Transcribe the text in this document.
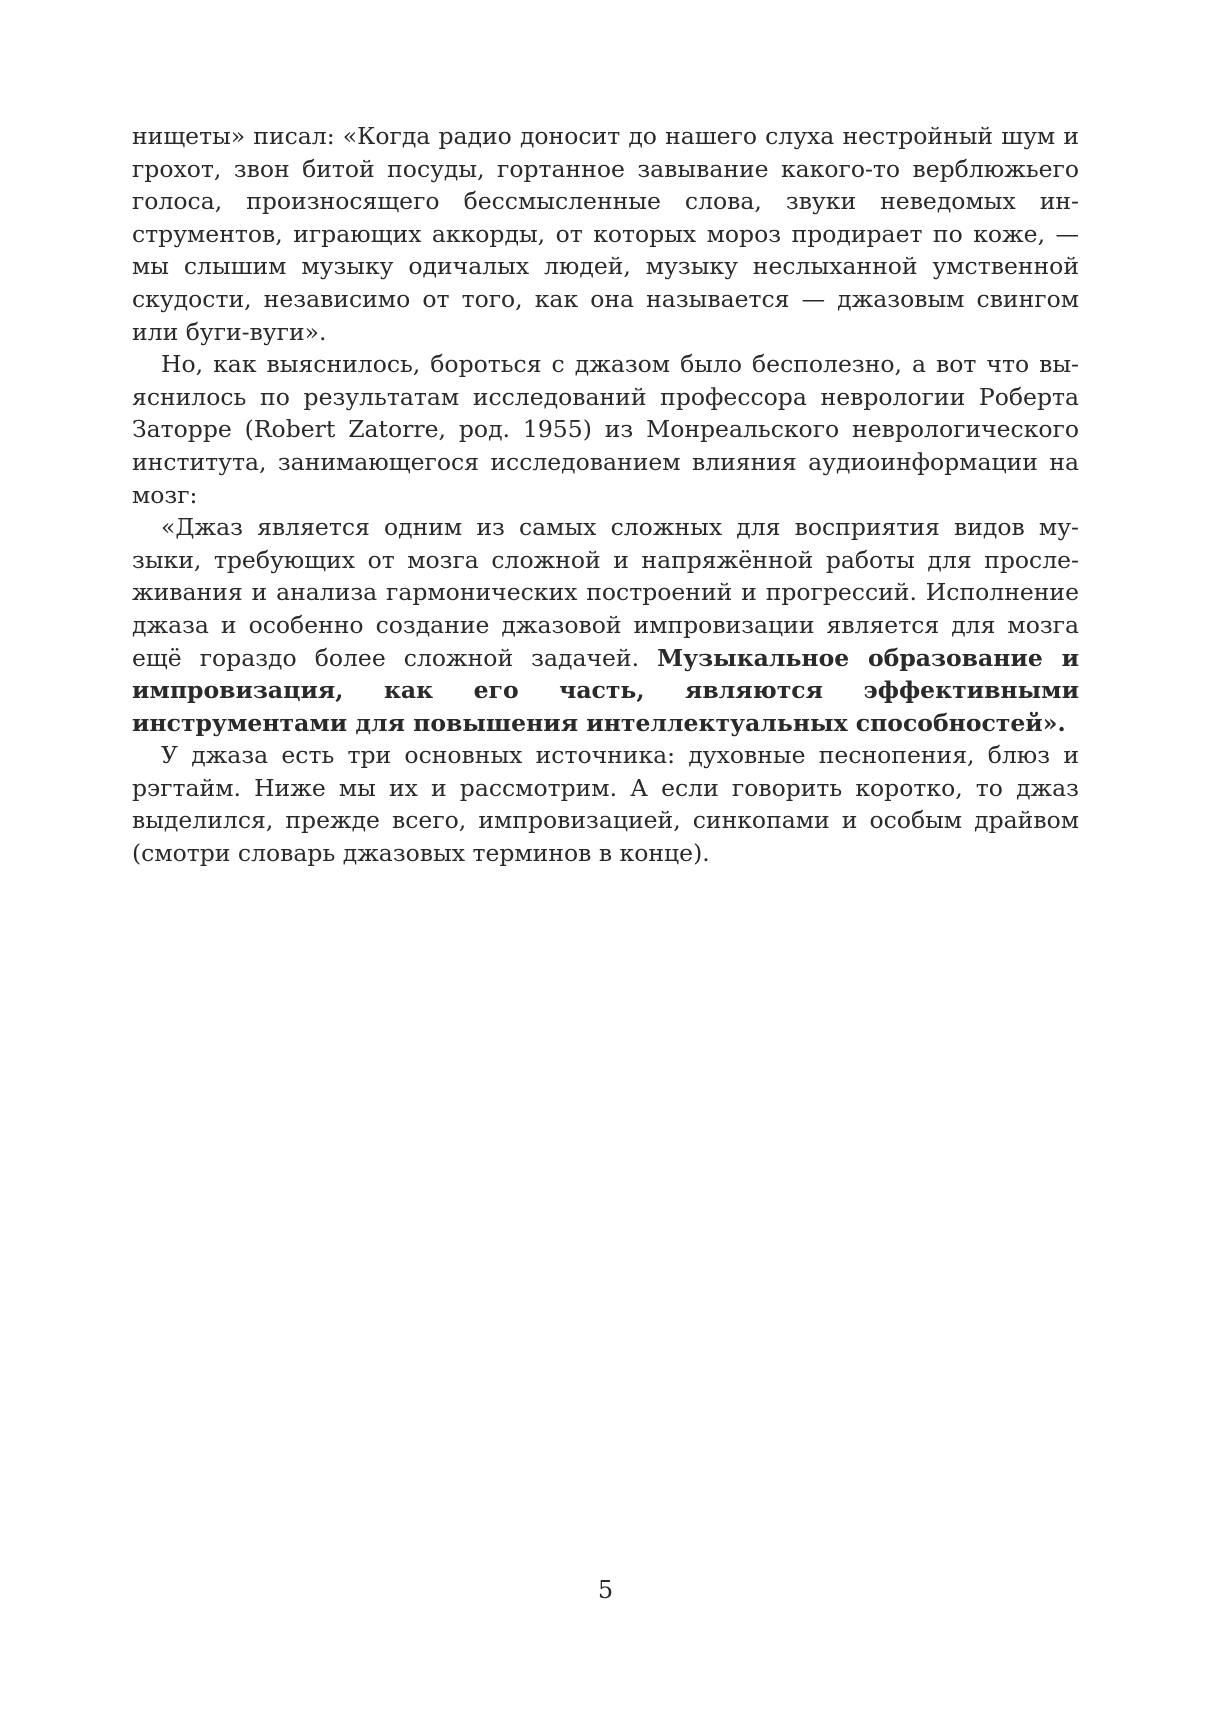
нищеты» писал: «Когда радио доносит до нашего слуха нестройный шум и грохот, звон битой посуды, гортанное завывание какого-то верблюжьего голоса, произносящего бессмысленные слова, звуки неведомых инструментов, играющих аккорды, от которых мороз продирает по коже, — мы слышим музыку одичалых людей, музыку неслыханной умственной скудости, независимо от того, как она называется — джазовым свингом или буги-вуги».

Но, как выяснилось, бороться с джазом было бесполезно, а вот что выяснилось по результатам исследований профессора неврологии Роберта Заторре (Robert Zatorre, род. 1955) из Монреальского неврологического института, занимающегося исследованием влияния аудиоинформации на мозг:

«Джаз является одним из самых сложных для восприятия видов музыки, требующих от мозга сложной и напряжённой работы для прослеживания и анализа гармонических построений и прогрессий. Исполнение джаза и особенно создание джазовой импровизации является для мозга ещё гораздо более сложной задачей. Музыкальное образование и импровизация, как его часть, являются эффективными инструментами для повышения интеллектуальных способностей».

У джаза есть три основных источника: духовные песнопения, блюз и рэгтайм. Ниже мы их и рассмотрим. А если говорить коротко, то джаз выделился, прежде всего, импровизацией, синкопами и особым драйвом (смотри словарь джазовых терминов в конце).

5
